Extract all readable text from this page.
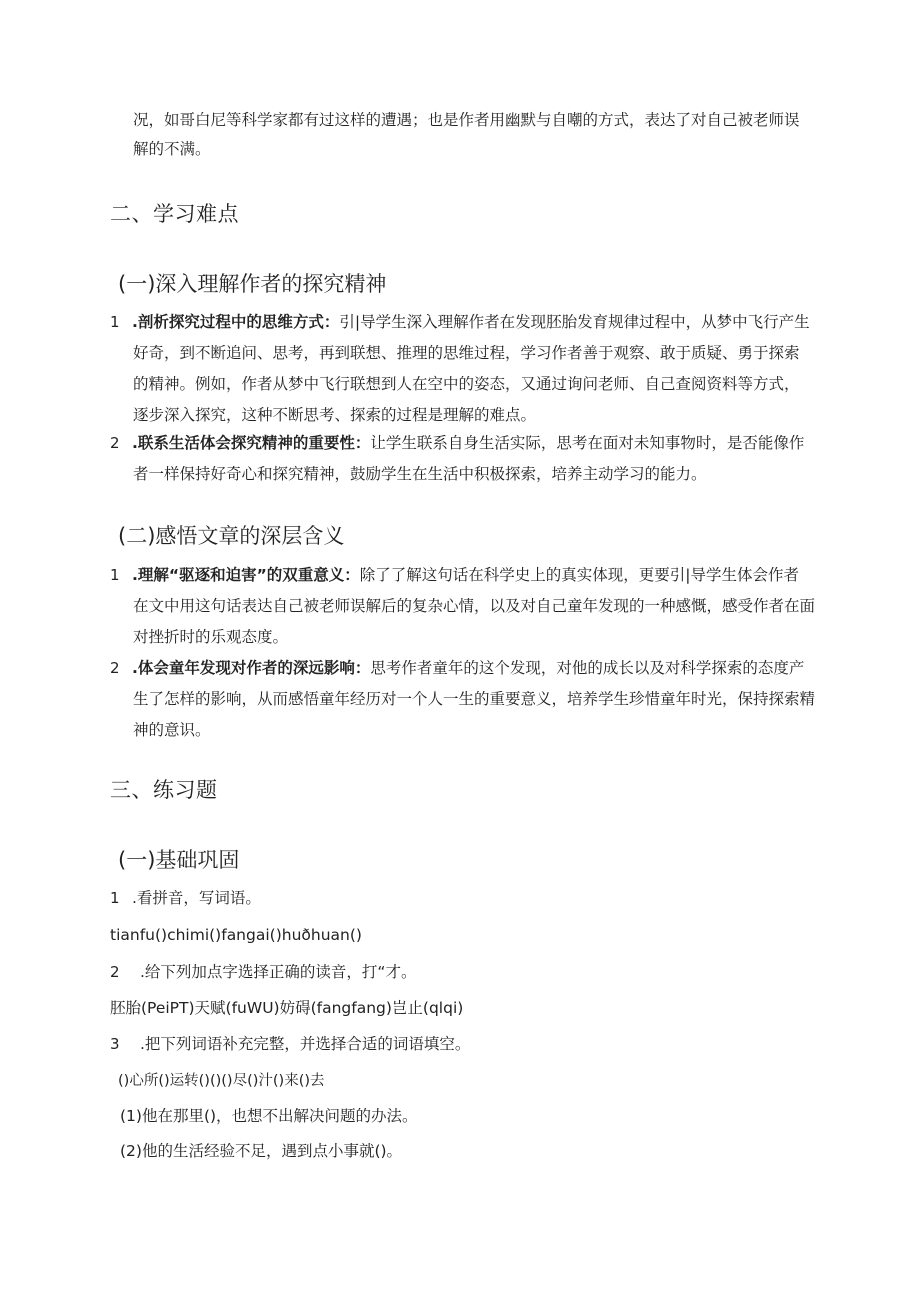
况，如哥白尼等科学家都有过这样的遭遇；也是作者用幽默与自嘲的方式，表达了对自己被老师误
解的不满。
二、学习难点
(一)深入理解作者的探究精神
1 .剖析探究过程中的思维方式：引|导学生深入理解作者在发现胚胎发育规律过程中，从梦中飞行产生
好奇，到不断追问、思考，再到联想、推理的思维过程，学习作者善于观察、敢于质疑、勇于探索
的精神。例如，作者从梦中飞行联想到人在空中的姿态，又通过询问老师、自己查阅资料等方式，
逐步深入探究，这种不断思考、探索的过程是理解的难点。
2 .联系生活体会探究精神的重要性：让学生联系自身生活实际，思考在面对未知事物时，是否能像作
者一样保持好奇心和探究精神，鼓励学生在生活中积极探索，培养主动学习的能力。
(二)感悟文章的深层含义
1 .理解“驱逐和迫害”的双重意义：除了了解这句话在科学史上的真实体现，更要引|导学生体会作者
在文中用这句话表达自己被老师误解后的复杂心情，以及对自己童年发现的一种感慨，感受作者在面
对挫折时的乐观态度。
2 .体会童年发现对作者的深远影响：思考作者童年的这个发现，对他的成长以及对科学探索的态度产
生了怎样的影响，从而感悟童年经历对一个人一生的重要意义，培养学生珍惜童年时光，保持探索精
神的意识。
三、练习题
(一)基础巩固
1 .看拼音，写词语。
tianfu()chimi()fangai()huðhuan()
2 .给下列加点字选择正确的读音，打“才。
胚胎(PeiPT)天赋(fuWU)妨碍(fangfang)岂止(qlqi)
3 .把下列词语补充完整，并选择合适的词语填空。
()心所()运转()()()尽()汁()来()去
(1)他在那里()，也想不出解决问题的办法。
(2)他的生活经验不足，遇到点小事就()。
